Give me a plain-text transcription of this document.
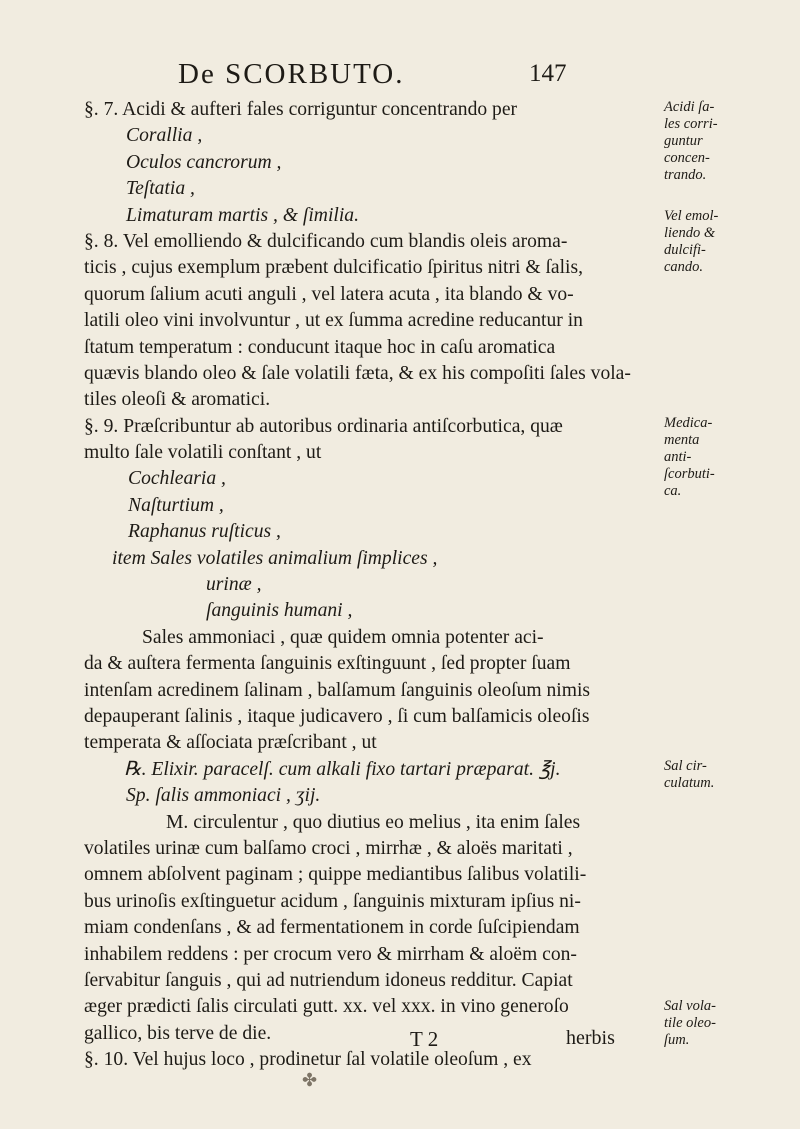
De SCORBUTO.	147
§. 7. Acidi & aufteri fales corriguntur concentrando per
Corallia ,
Oculos cancrorum ,
Teſtatia ,
Limaturam martis , & ſimilia.
§. 8. Vel emolliendo & dulcificando cum blandis oleis aroma-
ticis , cujus exemplum præbent dulcificatio ſpiritus nitri & ſalis,
quorum ſalium acuti anguli , vel latera acuta , ita blando & vo-
latili oleo vini involvuntur , ut ex ſumma acredine reducantur in
ſtatum temperatum : conducunt itaque hoc in caſu aromatica
quævis blando oleo & ſale volatili fæta, & ex his compoſiti ſales vola-
tiles oleoſi & aromatici.
§. 9. Præſcribuntur ab autoribus ordinaria antiſcorbutica, quæ
multo ſale volatili conſtant , ut
Cochlearia ,
Naſturtium ,
Raphanus ruſticus ,
item Sales volatiles animalium ſimplices ,
urinæ ,
ſanguinis humani ,
Sales ammoniaci , quæ quidem omnia potenter aci-
da & auſtera fermenta ſanguinis exſtinguunt , ſed propter ſuam
intenſam acredinem ſalinam , balſamum ſanguinis oleoſum nimis
depauperant ſalinis , itaque judicavero , ſi cum balſamicis oleoſis
temperata & aſſociata præſcribant , ut
℞. Elixir. paracelſ. cum alkali fixo tartari præparat. ℥j.
Sp. ſalis ammoniaci , ʒij.
M. circulentur , quo diutius eo melius , ita enim ſales
volatiles urinæ cum balſamo croci , mirrhæ , & aloës maritati ,
omnem abſolvent paginam ; quippe mediantibus ſalibus volatili-
bus urinoſis exſtinguetur acidum , ſanguinis mixturam ipſius ni-
miam condenſans , & ad fermentationem in corde ſuſcipiendam
inhabilem reddens : per crocum vero & mirrham & aloëm con-
ſervabitur ſanguis , qui ad nutriendum idoneus redditur. Capiat
æger prædicti ſalis circulati gutt. xx. vel xxx. in vino generoſo
gallico, bis terve de die.
§. 10. Vel hujus loco , prodinetur ſal volatile oleoſum , ex
Acidi ſa-
les corri-
guntur
concen-
trando.
Vel emol-
liendo &
dulcifi-
cando.
Medica-
menta
anti-
ſcorbuti-
ca.
Sal cir-
culatum.
Sal vola-
tile oleo-
ſum.
T 2	herbis
✤
